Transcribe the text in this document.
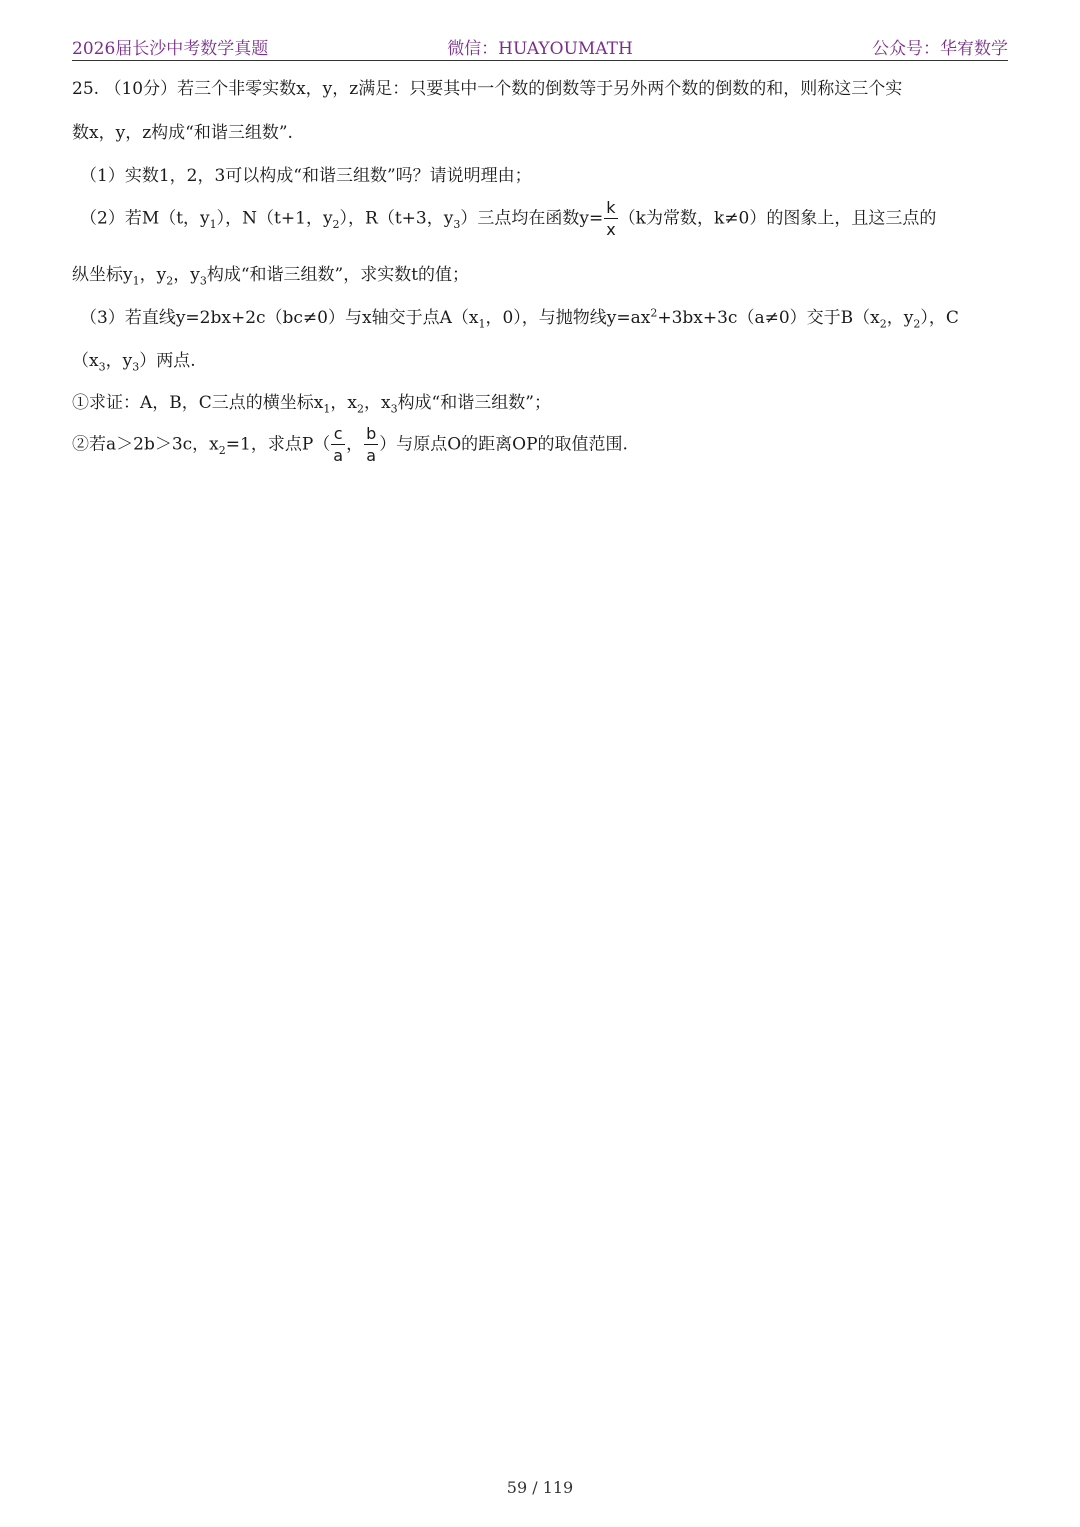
2026届长沙中考数学真题	微信：HUAYOUMATH	公众号：华宥数学
25. （10分）若三个非零实数x，y，z满足：只要其中一个数的倒数等于另外两个数的倒数的和，则称这三个实
数x，y，z构成“和谐三组数”.
（1）实数1，2，3可以构成“和谐三组数”吗？请说明理由；
（2）若M（t，$y_1$），N（t+1，$y_2$），R（t+3，$y_3$）三点均在函数$y= \frac{k}{x} (k$为常数，k≠0）的图象上，且这三点的
纵坐标$y_1$，$y_2$，$y_3$构成“和谐三组数”，求实数t的值；
（3）若直线y=2bx+2c（bc≠0）与x轴交于点$A(x_1$，0），与抛物线$y=ax^2+3bx+3c(a\ne 0)$交于$B(x_2$，$y_2$），C
（$x_3$，$y_3$）两点.
①求证：A，B，C三点的横坐标$x_1$，$x_2$，$x_3$构成“和谐三组数”；
②若a＞2b＞3c，$x_2=1$，求点$P( \frac{c}{a}$ ， $\frac{b}{a}$ ）与原点O的距离OP的取值范围.
59 / 119
